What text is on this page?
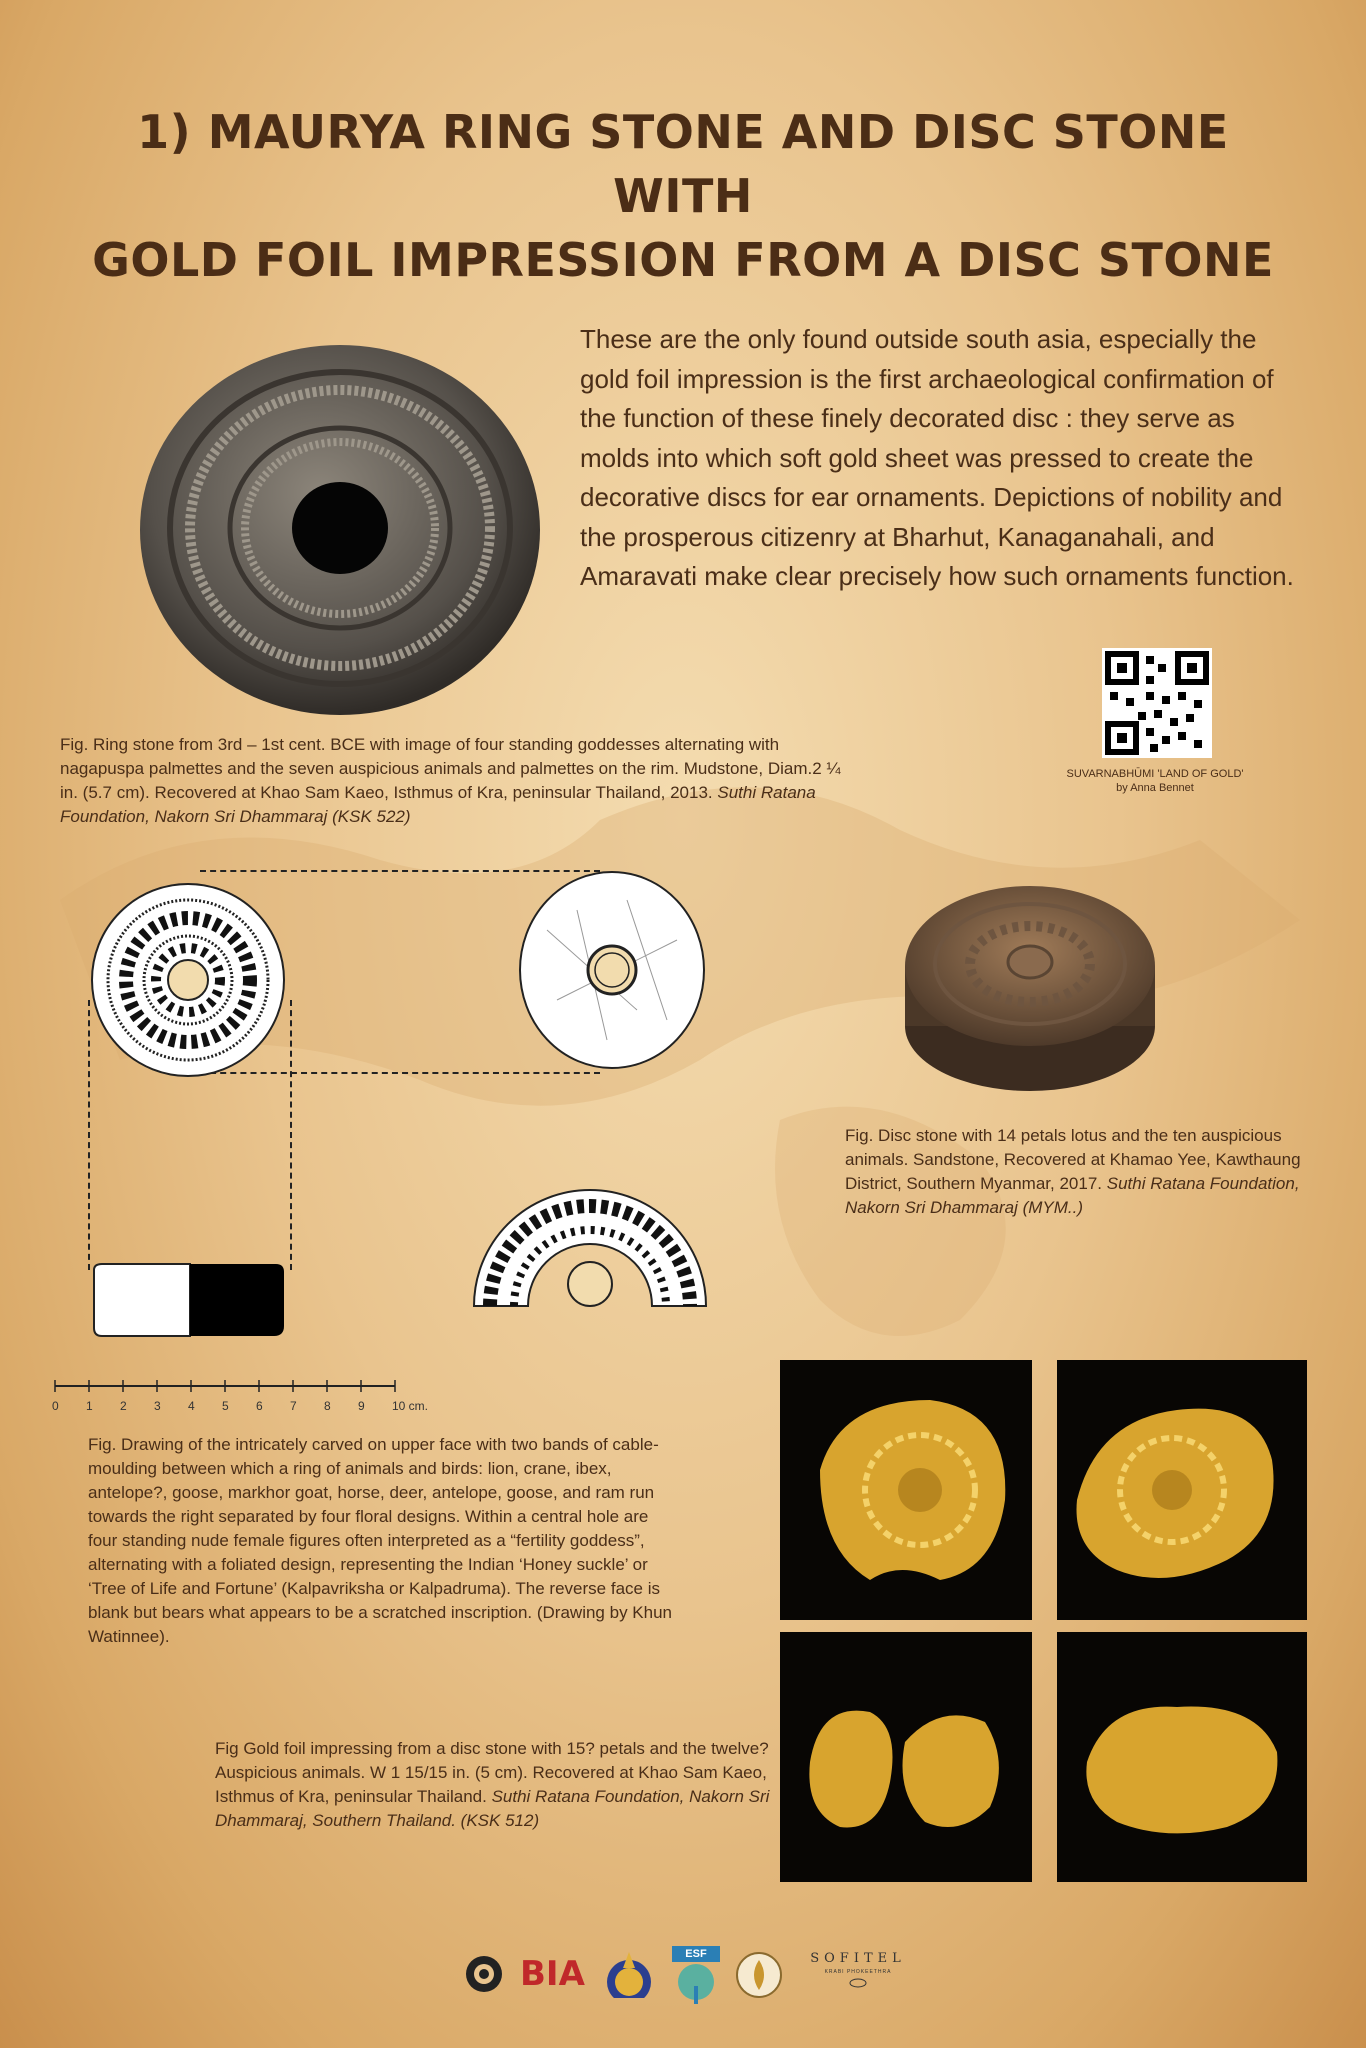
1) MAURYA RING STONE AND DISC STONE WITH
GOLD FOIL IMPRESSION FROM A DISC STONE
These are the only found outside south asia, especially the gold foil impression is the first archaeological confirmation of the function of these finely decorated disc : they serve as molds into which soft gold sheet was pressed to create the decorative discs for ear ornaments. Depictions of nobility and the prosperous citizenry at Bharhut, Kanaganahali, and Amaravati make clear precisely how such ornaments function.
SUVARNABHŪMI 'LAND OF GOLD' by Anna Bennet
Fig. Ring stone from 3rd – 1st cent. BCE with image of four standing goddesses alternating with nagapuspa palmettes and the seven auspicious animals and palmettes on the rim. Mudstone, Diam.2 ¼ in. (5.7 cm). Recovered at Khao Sam Kaeo, Isthmus of Kra, peninsular Thailand, 2013. Suthi Ratana Foundation, Nakorn Sri Dhammaraj (KSK 522)
Fig. Disc stone with 14 petals lotus and the ten auspicious animals. Sandstone, Recovered at Khamao Yee, Kawthaung District, Southern Myanmar, 2017. Suthi Ratana Foundation, Nakorn Sri Dhammaraj (MYM..)
0 1 2 3 4 5 6 7 8 9 10 cm.
Fig. Drawing of the intricately carved on upper face with two bands of cable-moulding between which a ring of animals and birds: lion, crane, ibex, antelope?, goose, markhor goat, horse, deer, antelope, goose, and ram run towards the right separated by four floral designs. Within a central hole are four standing nude female figures often interpreted as a “fertility goddess”, alternating with a foliated design, representing the Indian ‘Honey suckle’ or ‘Tree of Life and Fortune’ (Kalpavriksha or Kalpadruma). The reverse face is blank but bears what appears to be a scratched inscription. (Drawing by Khun Watinnee).
Fig Gold foil impressing from a disc stone with 15? petals and the twelve? Auspicious animals. W 1 15/15 in. (5 cm). Recovered at Khao Sam Kaeo, Isthmus of Kra, peninsular Thailand. Suthi Ratana Foundation, Nakorn Sri Dhammaraj, Southern Thailand. (KSK 512)
BIA	ESF	SOFITEL
KRABI PHOKEETHRA
